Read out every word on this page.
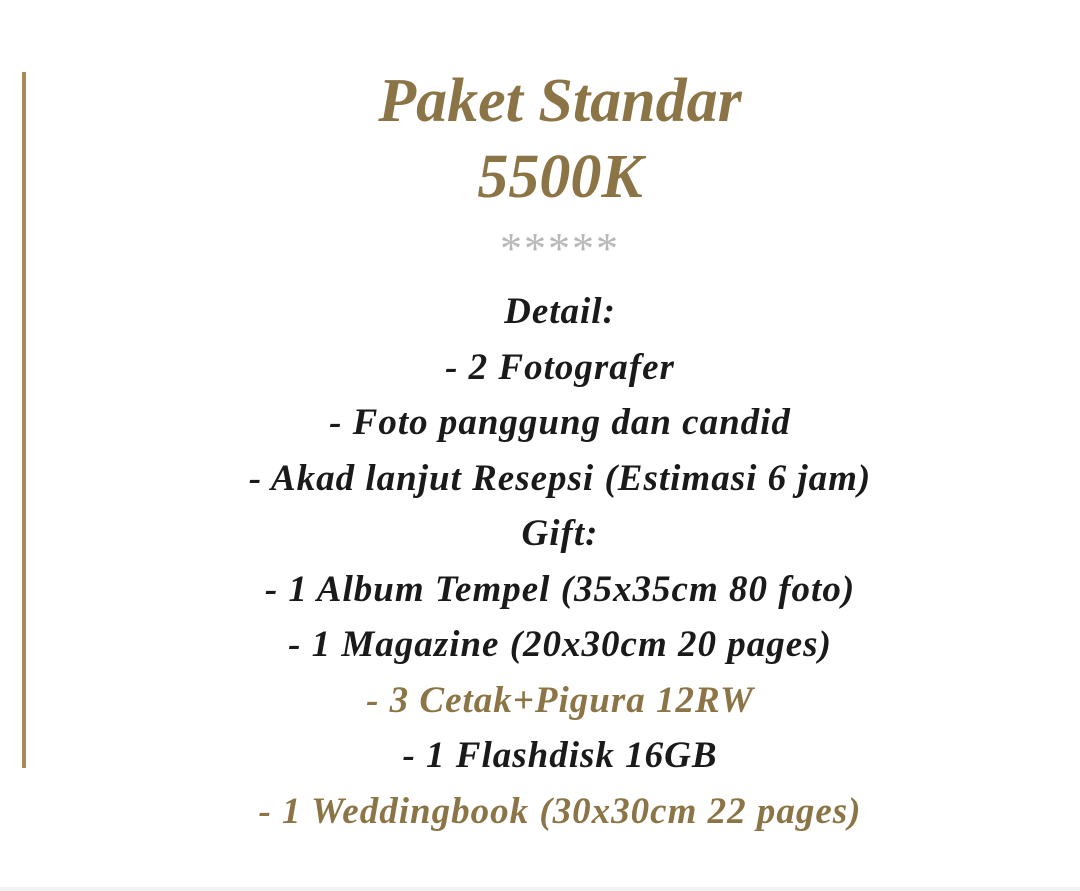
Paket Standar
5500K
*****
Detail:
- 2 Fotografer
- Foto panggung dan candid
- Akad lanjut Resepsi (Estimasi 6 jam)
Gift:
- 1 Album Tempel (35x35cm 80 foto)
- 1 Magazine (20x30cm 20 pages)
- 3 Cetak+Pigura 12RW
- 1 Flashdisk 16GB
- 1 Weddingbook (30x30cm 22 pages)
